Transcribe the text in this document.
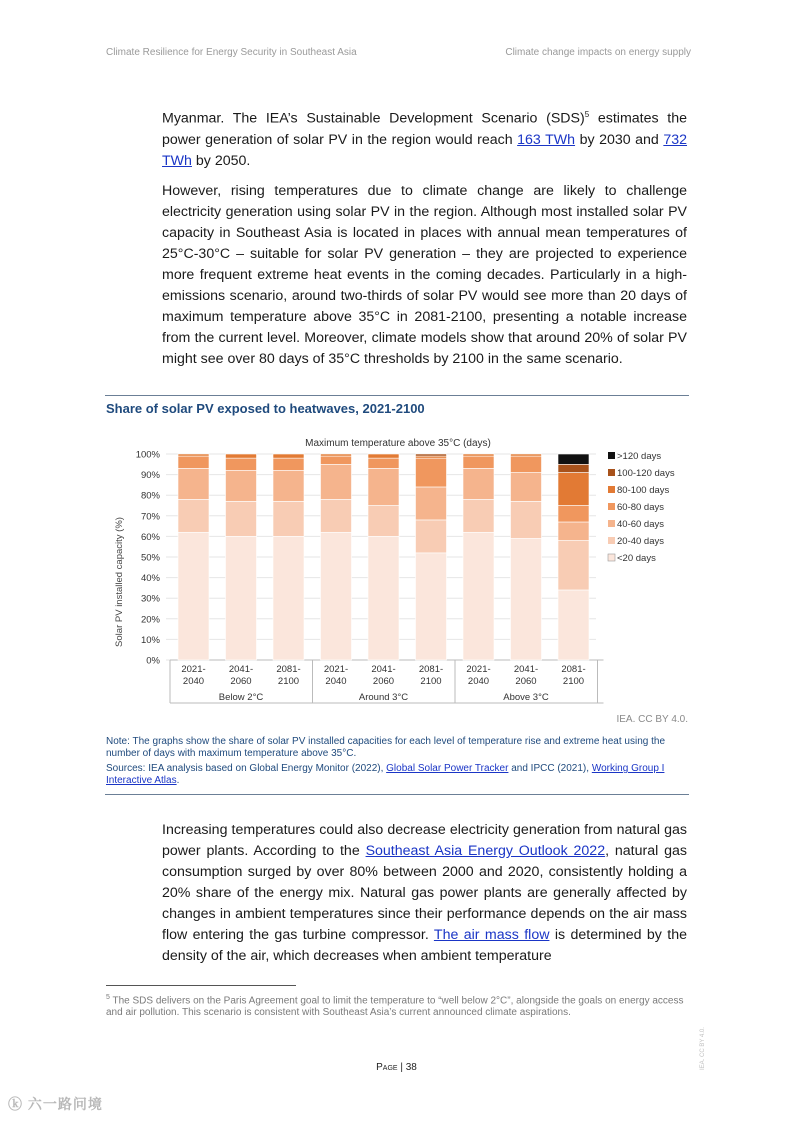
Climate Resilience for Energy Security in Southeast Asia	Climate change impacts on energy supply

Myanmar. The IEA’s Sustainable Development Scenario (SDS)$^5$ estimates the power generation of solar PV in the region would reach 163 TWh by 2030 and 732 TWh by 2050.

However, rising temperatures due to climate change are likely to challenge electricity generation using solar PV in the region. Although most installed solar PV capacity in Southeast Asia is located in places with annual mean temperatures of 25°C-30°C – suitable for solar PV generation – they are projected to experience more frequent extreme heat events in the coming decades. Particularly in a high-emissions scenario, around two-thirds of solar PV would see more than 20 days of maximum temperature above 35°C in 2081-2100, presenting a notable increase from the current level. Moreover, climate models show that around 20% of solar PV might see over 80 days of 35°C thresholds by 2100 in the same scenario.

Share of solar PV exposed to heatwaves, 2021-2100
Maximum temperature above 35°C (days)
Solar PV installed capacity (%)
0%
10%
20%
30%
40%
50%
60%
70%
80%
90%
100%
2021-
2040
2041-
2060
2081-
2100
2021-
2040
2041-
2060
2081-
2100
2021-
2040
2041-
2060
2081-
2100
Below 2°C	Around 3°C	Above 3°C
>120 days
100-120 days
80-100 days
60-80 days
40-60 days
20-40 days
<20 days
IEA. CC BY 4.0.

Note: The graphs show the share of solar PV installed capacities for each level of temperature rise and extreme heat using the number of days with maximum temperature above 35°C.

Sources: IEA analysis based on Global Energy Monitor (2022), Global Solar Power Tracker and IPCC (2021), Working Group I Interactive Atlas.

Increasing temperatures could also decrease electricity generation from natural gas power plants. According to the Southeast Asia Energy Outlook 2022, natural gas consumption surged by over 80% between 2000 and 2020, consistently holding a 20% share of the energy mix. Natural gas power plants are generally affected by changes in ambient temperatures since their performance depends on the air mass flow entering the gas turbine compressor. The air mass flow is determined by the density of the air, which decreases when ambient temperature

$^5$ The SDS delivers on the Paris Agreement goal to limit the temperature to “well below 2°C”, alongside the goals on energy access and air pollution. This scenario is consistent with Southeast Asia’s current announced climate aspirations.

Page | 38	IEA. CC BY 4.0.
ⓚ 六一路问境
